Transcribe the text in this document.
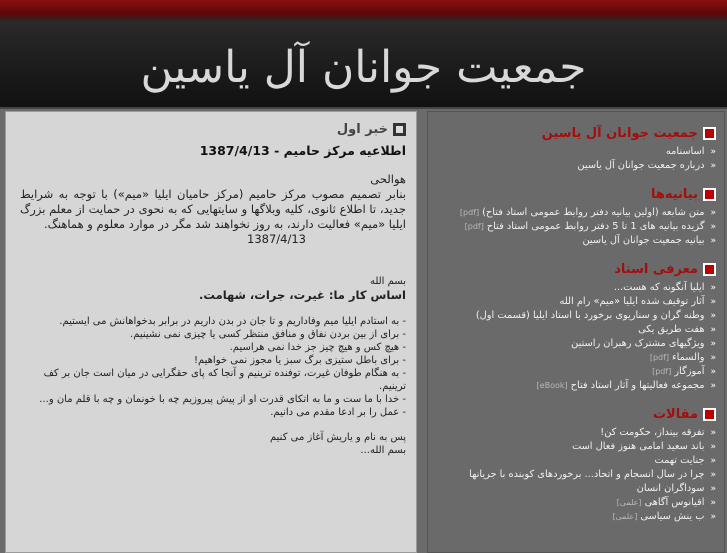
جمعیت جوانان آل یاسین
خبر اول
اطلاعیه مرکز حامیم - 1387/4/13

هوالحی

بنابر تصمیم مصوب مرکز حامیم (مرکز حامیان ایلیا «میم») با توجه به شرایط جدید، تا اطلاع ثانوی، کلیه وبلاگها و سایتهایی که به نحوی در حمایت از معلم بزرگ ایلیا «میم» فعالیت دارند، به روز نخواهند شد مگر در موارد معلوم و هماهنگ.

1387/4/13

بسم الله

اساس کار ما: غیرت، جرات، شهامت.

- به استادم ایلیا میم وفاداریم و تا جان در بدن داریم در برابر بدخواهانش می ایستیم.

- برای از بین بردن نفاق و منافق منتظر کسی یا چیزی نمی نشینیم.

- هیچ کس و هیچ چیز جز خدا نمی هراسیم.

- برای باطل ستیزی برگ سبز یا مجوز نمی خواهیم!

- به هنگام طوفان غیرت، توفنده ترینیم و آنجا که پای حقگرایی در میان است جان بر کف ترینیم.

- خدا با ما ست و ما به اتکای قدرت او از پیش پیروزیم چه با خونمان و چه با قلم مان و...

- عمل را بر ادعا مقدم می دانیم.

پس به نام و یاریش آغاز می کنیم

بسم الله...

جمعیت جوانان آل یاسین
«اساسنامه
«درباره جمعیت جوانان آل یاسین
بیانیه‌ها
«متن شابعه (اولین بیانیه دفتر روابط عمومی استاد فتاح)[pdf]
«گزیده بیانیه های 1 تا 5 دفتر روابط عمومی استاد فتاح[pdf]
«بیانیه جمعیت جوانان آل یاسین
معرفی استاد
«ایلیا آنگونه که هست...
«آثار توقیف شده ایلیا «میم» رام الله
«وطنه گران و سناریوی برخورد با استاد ایلیا (قسمت اول)
«هفت طریق یکی
«ویژگیهای مشترک رهبران راستین
«والسماء[pdf]
«آموزگار[pdf]
«مجموعه فعالیتها و آثار استاد فتاح[eBook]
مقالات
«تفرقه بینداز، حکومت کن!
«باند سعید امامی هنوز فعال است
«جنایت تهمت
«چرا در سال انسجام و اتحاد... برخوردهای کوبنده با جریانها
«سوداگران انسان
«اقیانوس آگاهی[علمی]
«ب ینش سیاسی[علمی]
